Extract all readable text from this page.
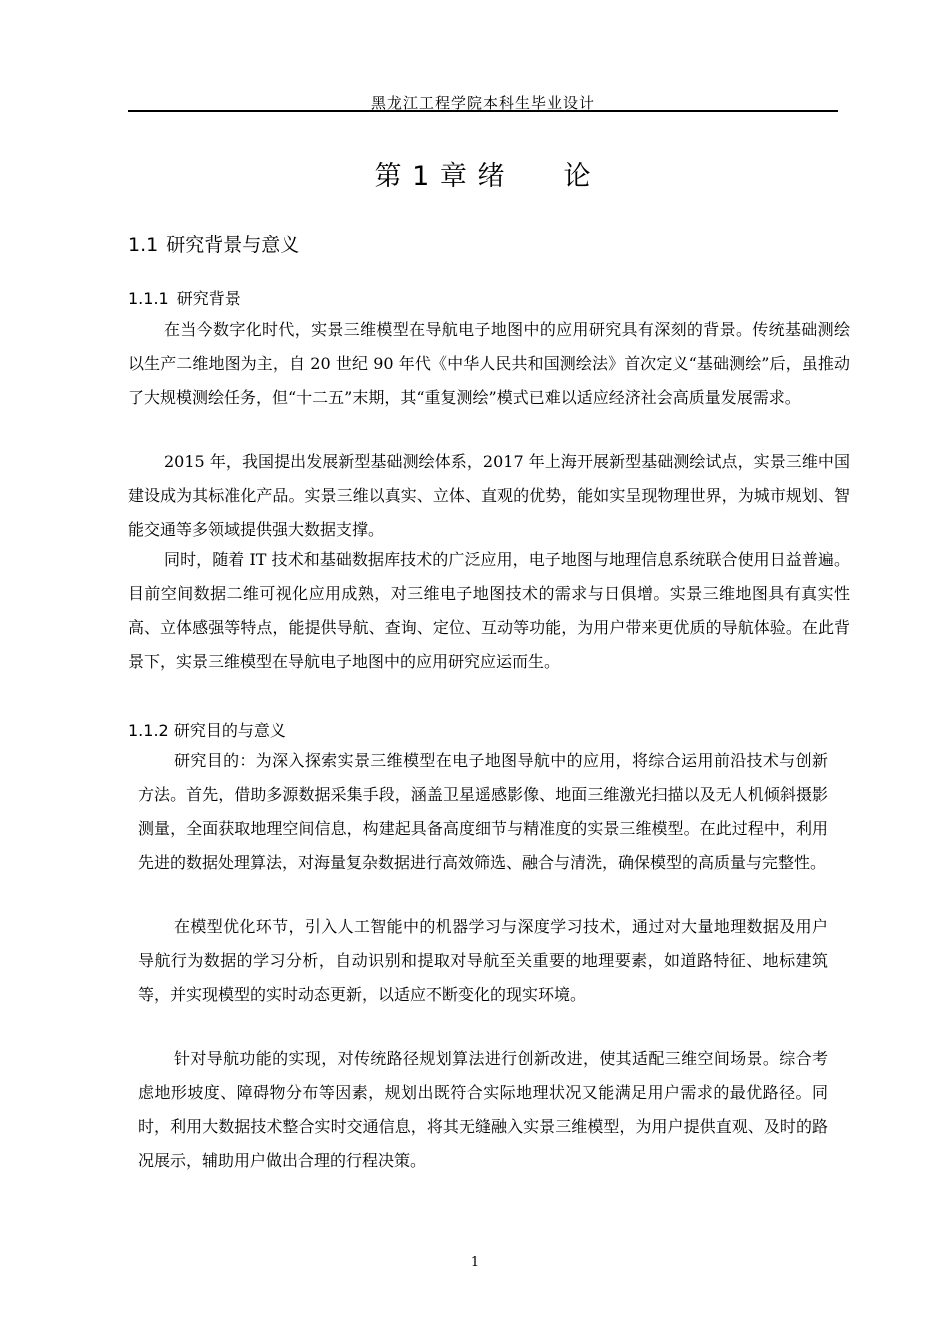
黑龙江工程学院本科生毕业设计
第 1 章 绪 论
1.1 研究背景与意义
1.1.1 研究背景

在当今数字化时代，实景三维模型在导航电子地图中的应用研究具有深刻的背景。传统基础测绘以生产二维地图为主，自 20 世纪 90 年代《中华人民共和国测绘法》首次定义“基础测绘”后，虽推动了大规模测绘任务，但“十二五”末期，其“重复测绘”模式已难以适应经济社会高质量发展需求。

2015 年，我国提出发展新型基础测绘体系，2017 年上海开展新型基础测绘试点，实景三维中国建设成为其标准化产品。实景三维以真实、立体、直观的优势，能如实呈现物理世界，为城市规划、智能交通等多领域提供强大数据支撑。

同时，随着 IT 技术和基础数据库技术的广泛应用，电子地图与地理信息系统联合使用日益普遍。目前空间数据二维可视化应用成熟，对三维电子地图技术的需求与日俱增。实景三维地图具有真实性高、立体感强等特点，能提供导航、查询、定位、互动等功能，为用户带来更优质的导航体验。在此背景下，实景三维模型在导航电子地图中的应用研究应运而生。

1.1.2 研究目的与意义

研究目的：为深入探索实景三维模型在电子地图导航中的应用，将综合运用前沿技术与创新方法。首先，借助多源数据采集手段，涵盖卫星遥感影像、地面三维激光扫描以及无人机倾斜摄影测量，全面获取地理空间信息，构建起具备高度细节与精准度的实景三维模型。在此过程中，利用先进的数据处理算法，对海量复杂数据进行高效筛选、融合与清洗，确保模型的高质量与完整性。

在模型优化环节，引入人工智能中的机器学习与深度学习技术，通过对大量地理数据及用户导航行为数据的学习分析，自动识别和提取对导航至关重要的地理要素，如道路特征、地标建筑等，并实现模型的实时动态更新，以适应不断变化的现实环境。

针对导航功能的实现，对传统路径规划算法进行创新改进，使其适配三维空间场景。综合考虑地形坡度、障碍物分布等因素，规划出既符合实际地理状况又能满足用户需求的最优路径。同时，利用大数据技术整合实时交通信息，将其无缝融入实景三维模型，为用户提供直观、及时的路况展示，辅助用户做出合理的行程决策。

1
